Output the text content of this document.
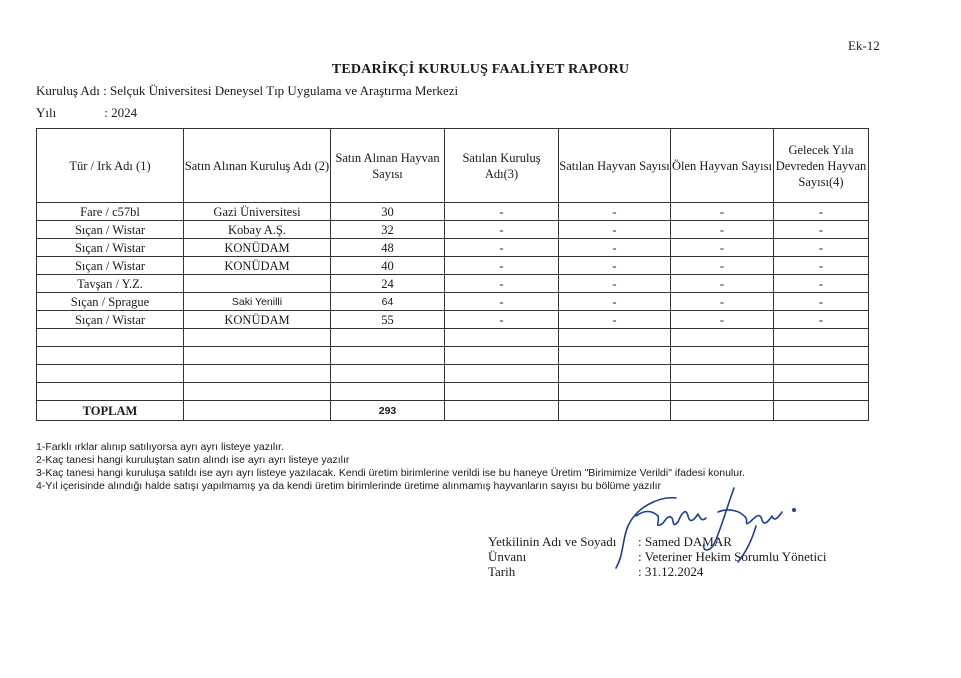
Ek-12
TEDARİKÇİ KURULUŞ FAALİYET RAPORU
Kuruluş Adı : Selçuk Üniversitesi Deneysel Tıp Uygulama ve Araştırma Merkezi
Yılı	: 2024
Tür / Irk Adı (1)	Satın Alınan Kuruluş Adı (2)	Satın Alınan Hayvan Sayısı	Satılan Kuruluş Adı(3)	Satılan Hayvan Sayısı	Ölen Hayvan Sayısı	Gelecek Yıla Devreden Hayvan Sayısı(4)
Fare / c57bl	Gazi Üniversitesi	30	-	-	-	-
Sıçan / Wistar	Kobay A.Ş.	32	-	-	-	-
Sıçan / Wistar	KONÜDAM	48	-	-	-	-
Sıçan / Wistar	KONÜDAM	40	-	-	-	-
Tavşan / Y.Z.		24	-	-	-	-
Sıçan / Sprague	Saki Yenilli	64	-	-	-	-
Sıçan / Wistar	KONÜDAM	55	-	-	-	-

TOPLAM		293				
1-Farklı ırklar alınıp satılıyorsa ayrı ayrı listeye yazılır.
2-Kaç tanesi hangi kuruluştan satın alındı ise ayrı ayrı listeye yazılır
3-Kaç tanesi hangi kuruluşa satıldı ise ayrı ayrı listeye yazılacak. Kendi üretim birimlerine verildi ise bu haneye Üretim "Birimimize Verildi" ifadesi konulur.
4-Yıl içerisinde alındığı halde satışı yapılmamış ya da kendi üretim birimlerinde üretime alınmamış hayvanların sayısı bu bölüme yazılır
Yetkilinin Adı ve Soyadı : Samed DAMAR
Ünvanı	: Veteriner Hekim Sorumlu Yönetici
Tarih	: 31.12.2024
